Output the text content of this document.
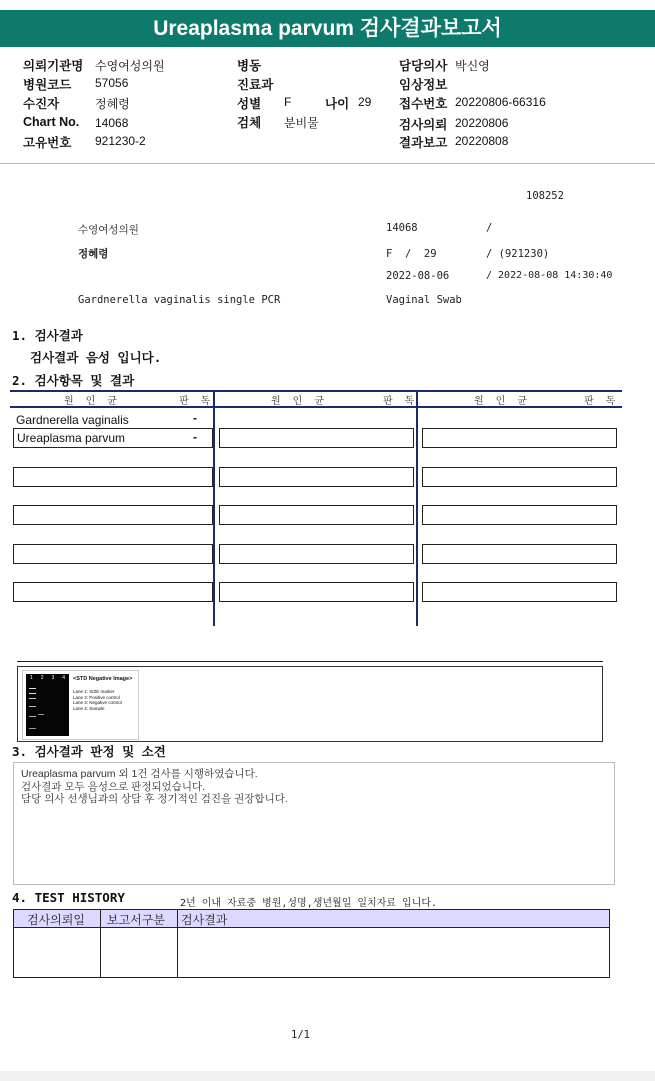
Ureaplasma parvum 검사결과보고서
의뢰기관명 수영여성의원
병원코드 57056
수진자	정혜령
Chart No. 14068
고유번호 921230-2
병동
진료과
성별 F	나이 29
검체 분비물
담당의사 박신영
임상정보
접수번호 20220806-66316
검사의뢰 20220806
결과보고 20220808
108252
수영여성의원	14068	/
정혜령	F  /  29	/ (921230)
2022-08-06	/ 2022-08-08 14:30:40
Gardnerella vaginalis single PCR	Vaginal Swab
1. 검사결과
검사결과 음성 입니다.
2. 검사항목 및 결과
원 인 균	판 독	원 인 균	판 독	원 인 균	판 독
Gardnerella vaginalis	-
Ureaplasma parvum	-
1 2 3 4 <STD Negative Image>
Lane 1: SIZE marker
Lane 2: Positive control
Lane 3: Negative control
Lane 4: Sample
3. 검사결과 판정 및 소견
Ureaplasma parvum 외 1건 검사를 시행하였습니다.
검사결과 모두 음성으로 판정되었습니다.
담당 의사 선생님과의 상담 후 정기적인 검진을 권장합니다.
4. TEST HISTORY	2년 이내 자료중 병원,성명,생년월일 일치자료 입니다.
검사의뢰일 보고서구분 검사결과
1/1
